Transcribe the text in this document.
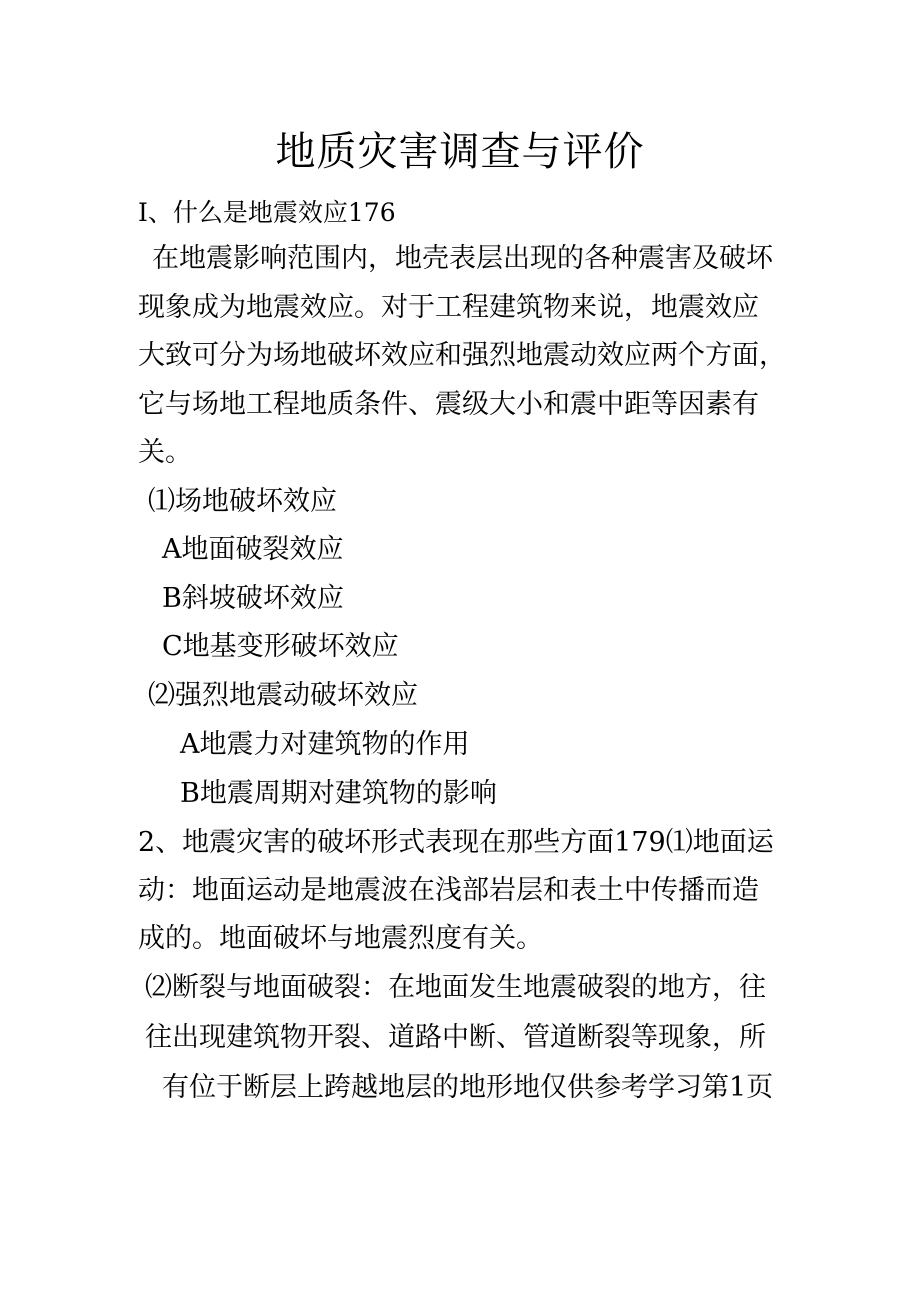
地质灾害调查与评价
I、什么是地震效应176
在地震影响范围内，地壳表层出现的各种震害及破坏
现象成为地震效应。对于工程建筑物来说，地震效应
大致可分为场地破坏效应和强烈地震动效应两个方面，
它与场地工程地质条件、震级大小和震中距等因素有
关。
⑴场地破坏效应
A地面破裂效应
B斜坡破坏效应
C地基变形破坏效应
⑵强烈地震动破坏效应
A地震力对建筑物的作用
B地震周期对建筑物的影响
2、地震灾害的破坏形式表现在那些方面179⑴地面运
动：地面运动是地震波在浅部岩层和表土中传播而造
成的。地面破坏与地震烈度有关。
⑵断裂与地面破裂：在地面发生地震破裂的地方，往
往出现建筑物开裂、道路中断、管道断裂等现象，所
有位于断层上跨越地层的地形地仅供参考学习第1页
